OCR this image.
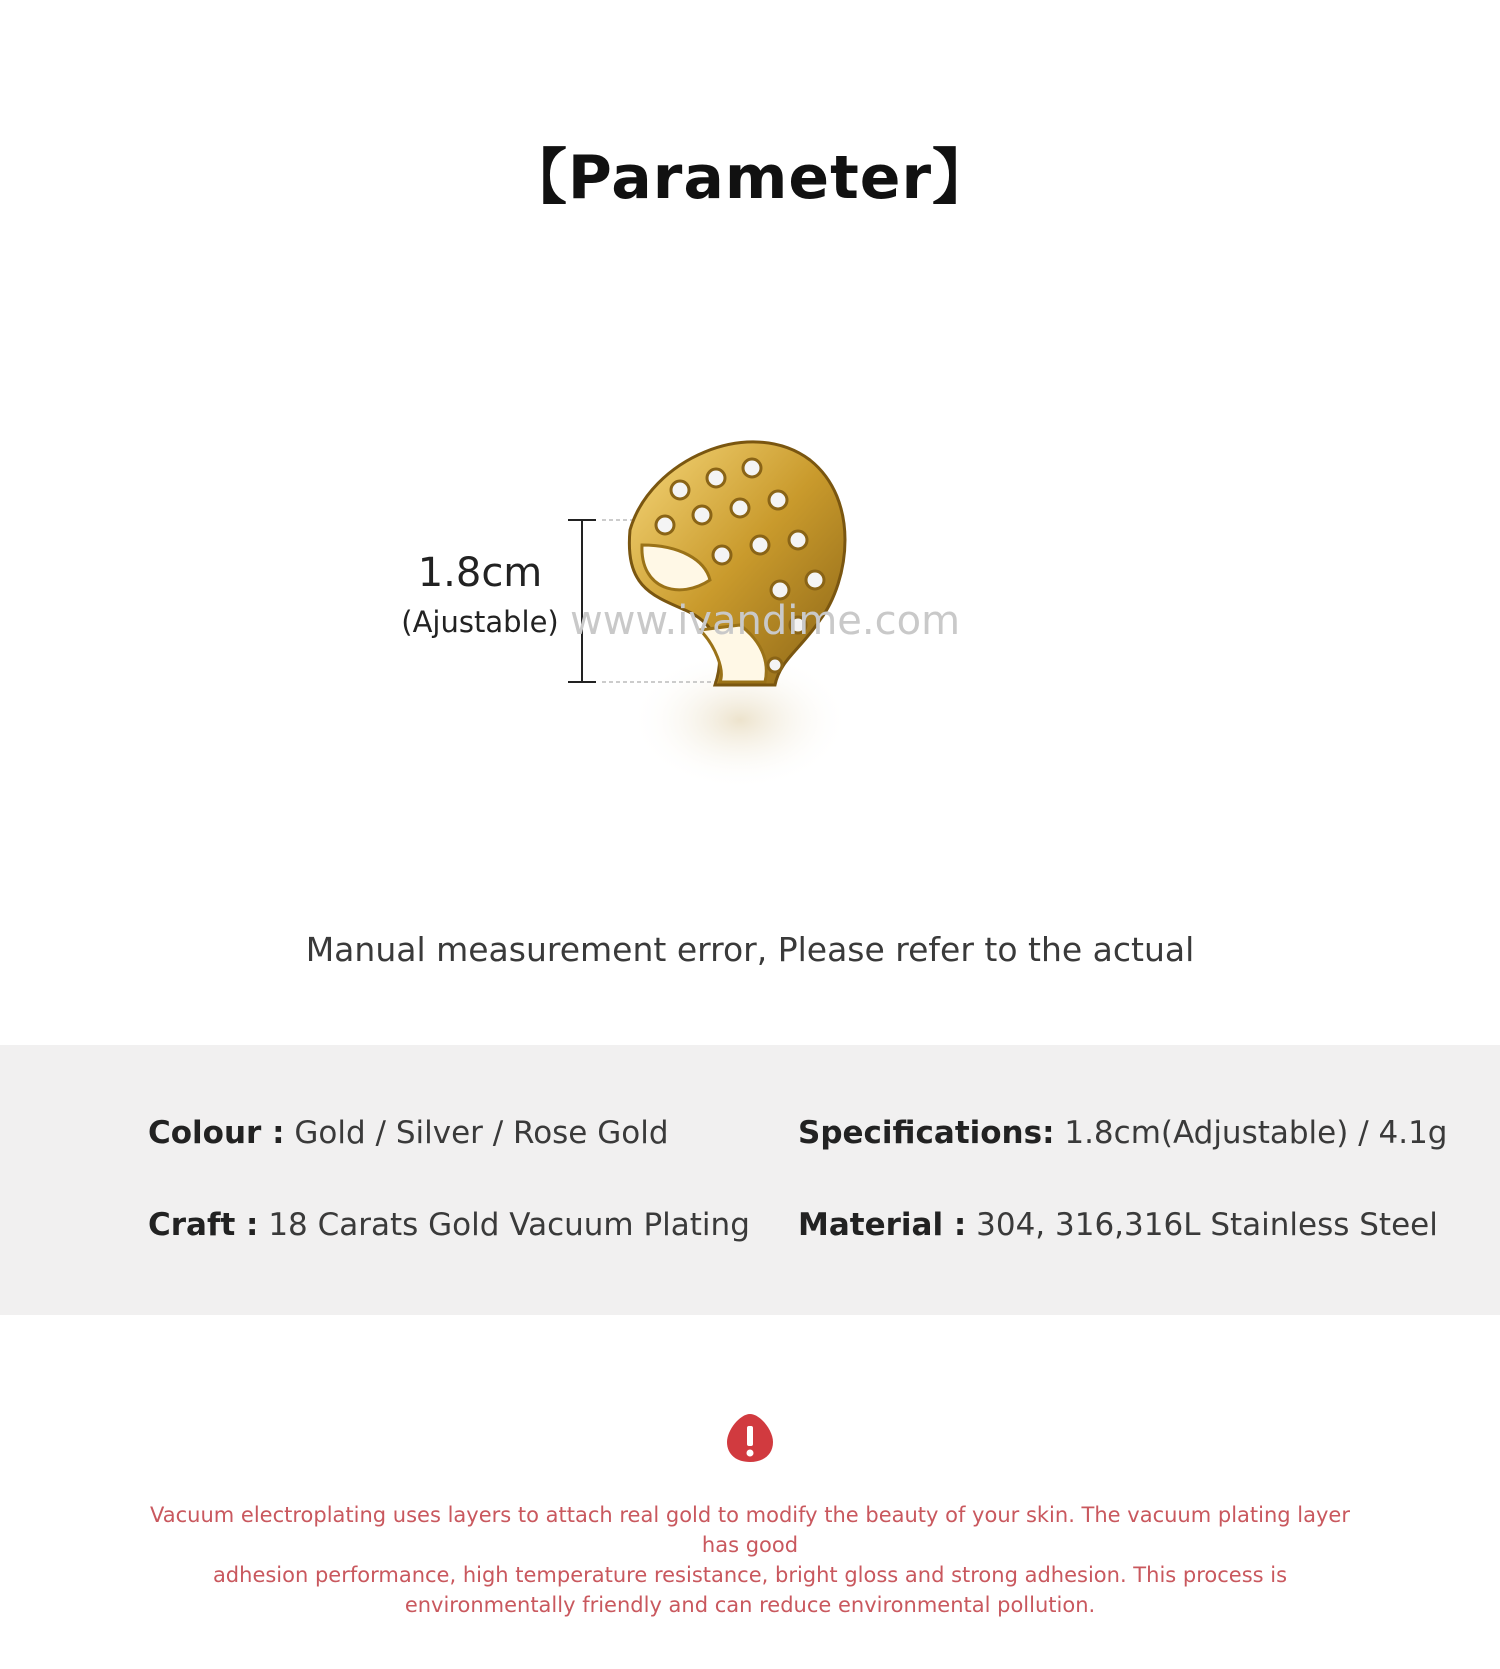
【Parameter】
1.8cm
(Ajustable) www.ivandime.com
Manual measurement error, Please refer to the actual
Colour : Gold / Silver / Rose Gold	Specifications: 1.8cm(Adjustable) / 4.1g
Craft : 18 Carats Gold Vacuum Plating Material : 304, 316,316L Stainless Steel
Vacuum electroplating uses layers to attach real gold to modify the beauty of your skin. The vacuum plating layer has good
adhesion performance, high temperature resistance, bright gloss and strong adhesion. This process is
environmentally friendly and can reduce environmental pollution.
